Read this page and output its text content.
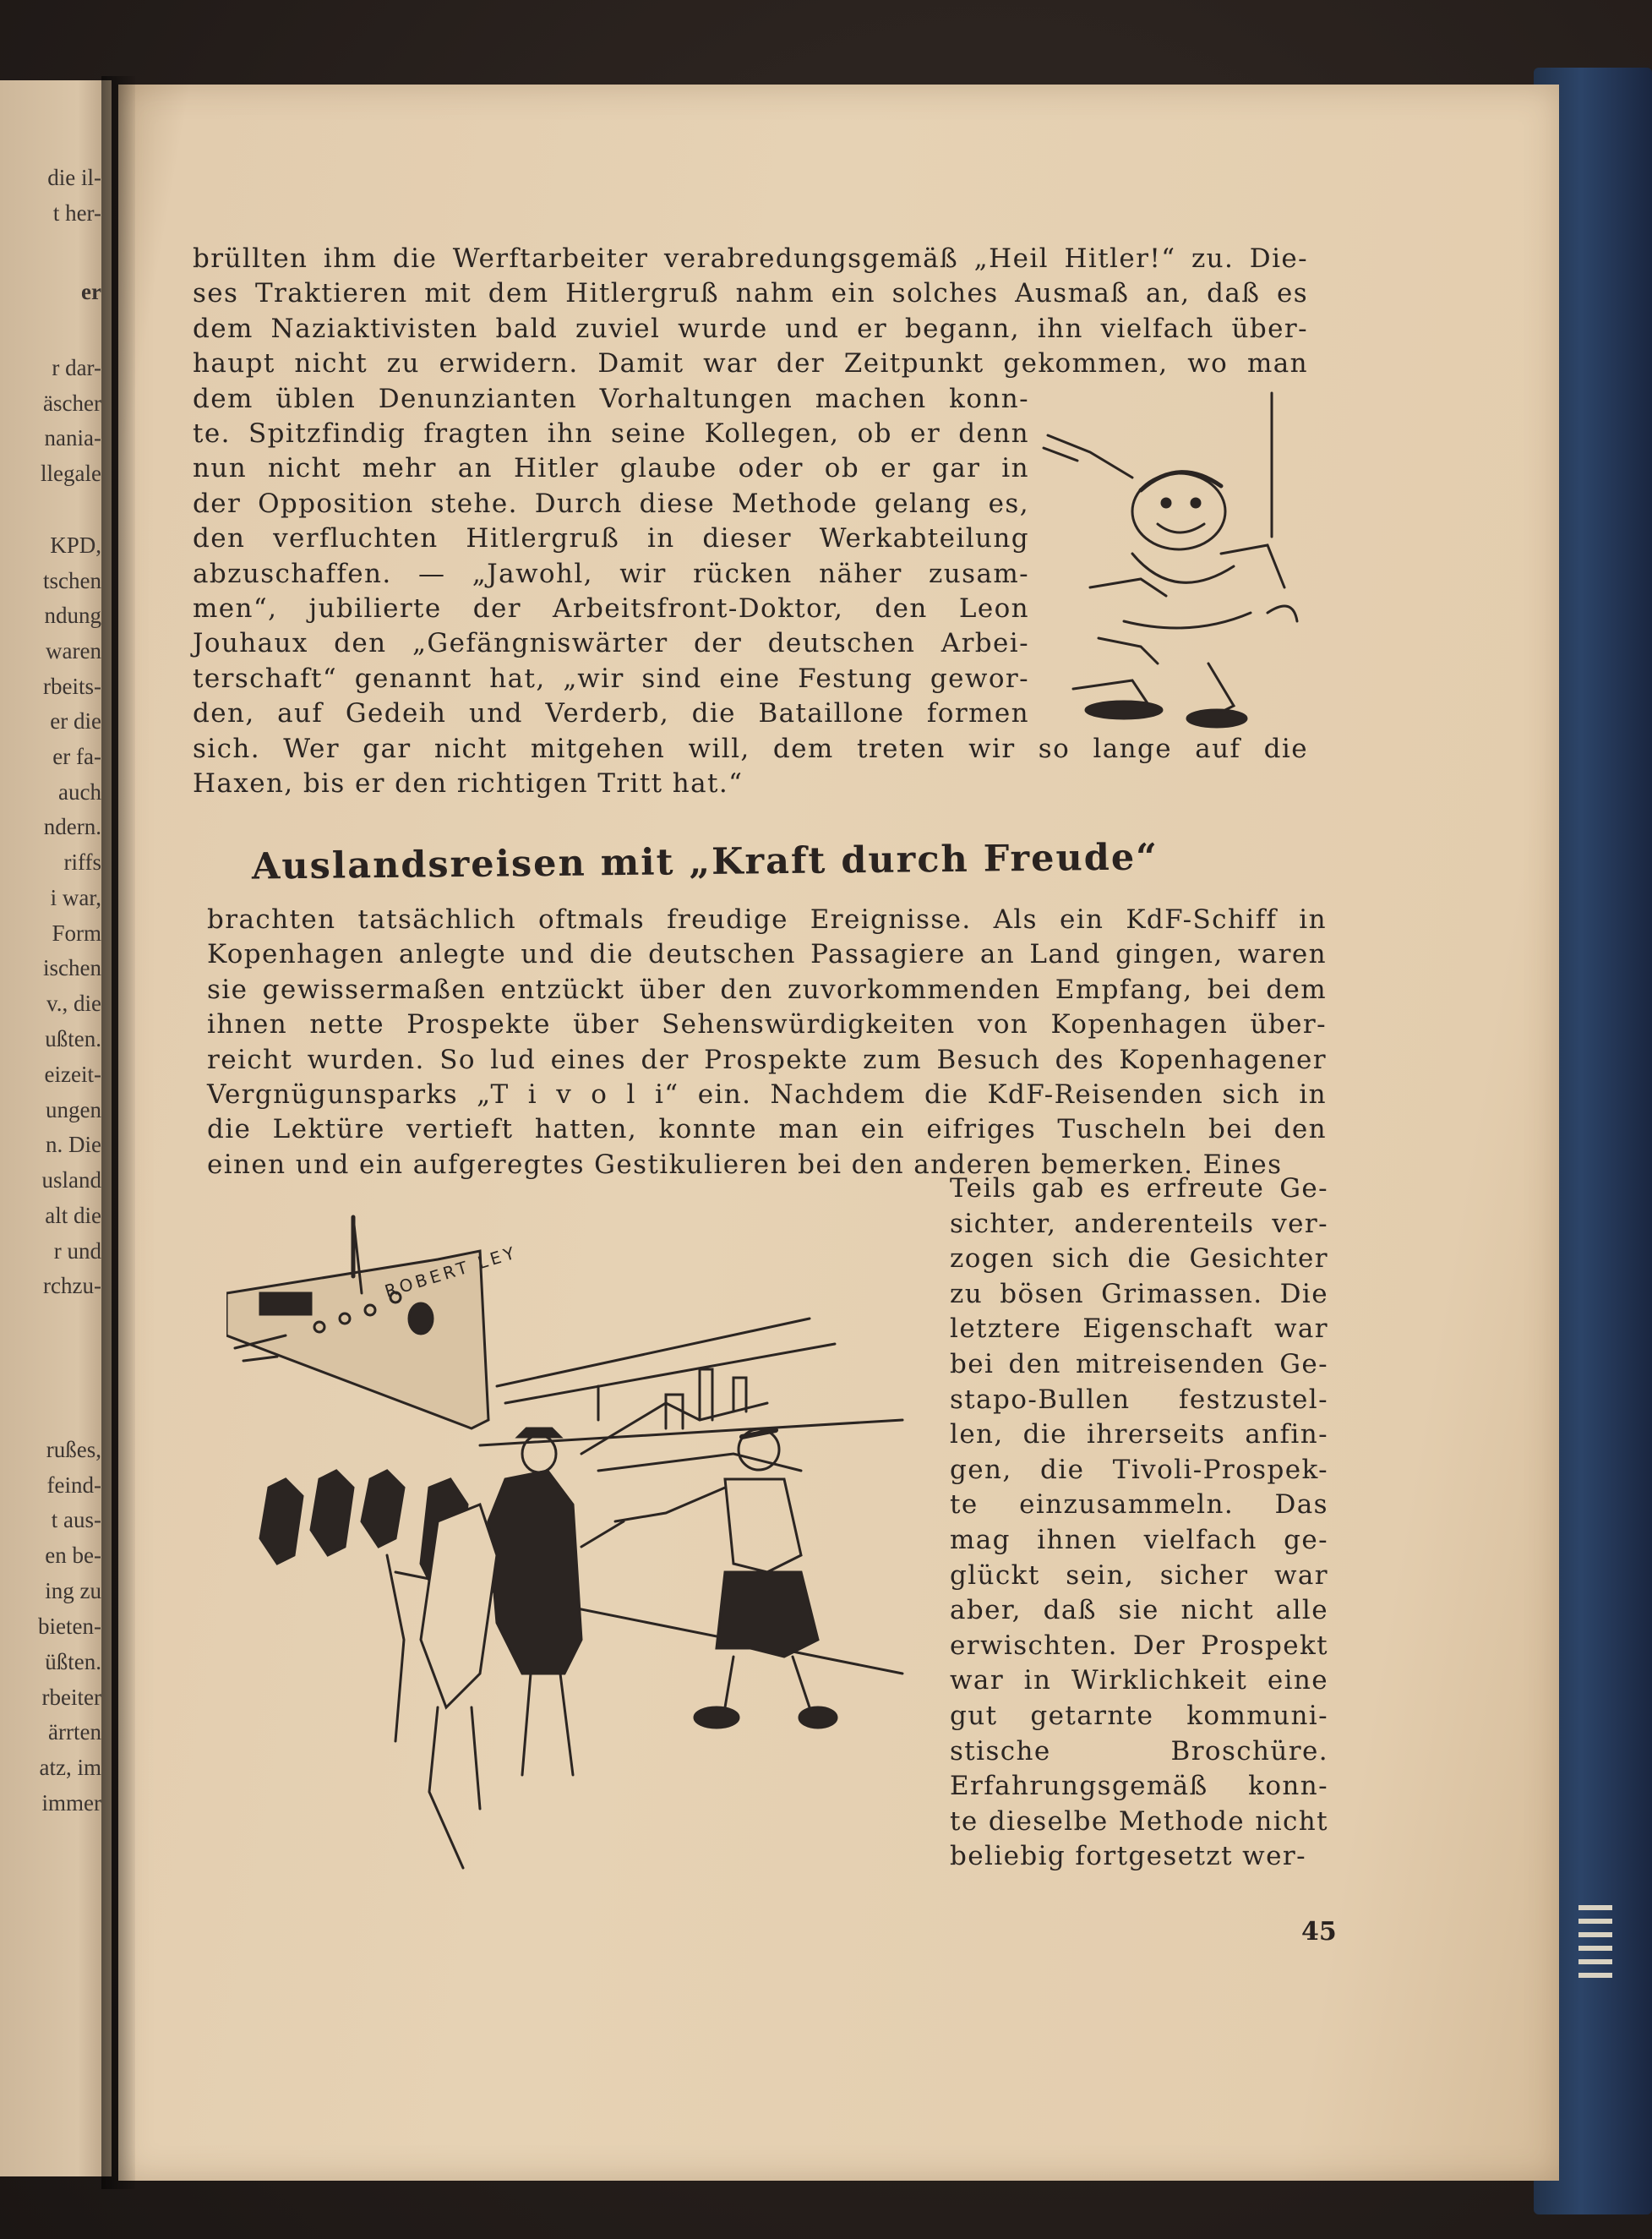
die il-
t her-
er
r dar-
äscher
nania-
llegale
KPD,
tschen
ndung
waren
rbeits-
er die
er fa-
auch
ndern.
riffs
i war,
Form
ischen
v., die
ußten.
eizeit-
ungen
n. Die
usland
alt die
r und
rchzu-
rußes,
feind-
t aus-
en be-
ing zu
bieten-
üßten.
rbeiter
ärrten
atz, im
immer
brüllten ihm die Werftarbeiter verabredungsgemäß „Heil Hitler!“ zu. Die-
ses Traktieren mit dem Hitlergruß nahm ein solches Ausmaß an, daß es
dem Naziaktivisten bald zuviel wurde und er begann, ihn vielfach über-
haupt nicht zu erwidern. Damit war der Zeitpunkt gekommen, wo man
dem üblen Denunzianten Vorhaltungen machen konn-
te. Spitzfindig fragten ihn seine Kollegen, ob er denn
nun nicht mehr an Hitler glaube oder ob er gar in
der Opposition stehe. Durch diese Methode gelang es,
den verfluchten Hitlergruß in dieser Werkabteilung
abzuschaffen. — „Jawohl, wir rücken näher zusam-
men“, jubilierte der Arbeitsfront-Doktor, den Leon
Jouhaux den „Gefängniswärter der deutschen Arbei-
terschaft“ genannt hat, „wir sind eine Festung gewor-
den, auf Gedeih und Verderb, die Bataillone formen
sich. Wer gar nicht mitgehen will, dem treten wir so lange auf die
Haxen, bis er den richtigen Tritt hat.“
Auslandsreisen mit „Kraft durch Freude“
brachten tatsächlich oftmals freudige Ereignisse. Als ein KdF-Schiff in
Kopenhagen anlegte und die deutschen Passagiere an Land gingen, waren
sie gewissermaßen entzückt über den zuvorkommenden Empfang, bei dem
ihnen nette Prospekte über Sehenswürdigkeiten von Kopenhagen über-
reicht wurden. So lud eines der Prospekte zum Besuch des Kopenhagener
Vergnügunsparks „T i v o l i“ ein. Nachdem die KdF-Reisenden sich in
die Lektüre vertieft hatten, konnte man ein eifriges Tuscheln bei den
einen und ein aufgeregtes Gestikulieren bei den anderen bemerken. Eines
ROBERT LEY
Teils gab es erfreute Ge-
sichter, anderenteils ver-
zogen sich die Gesichter
zu bösen Grimassen. Die
letztere Eigenschaft war
bei den mitreisenden Ge-
stapo-Bullen festzustel-
len, die ihrerseits anfin-
gen, die Tivoli-Prospek-
te einzusammeln. Das
mag ihnen vielfach ge-
glückt sein, sicher war
aber, daß sie nicht alle
erwischten. Der Prospekt
war in Wirklichkeit eine
gut getarnte kommuni-
stische Broschüre.
Erfahrungsgemäß konn-
te dieselbe Methode nicht
beliebig fortgesetzt wer-
45
